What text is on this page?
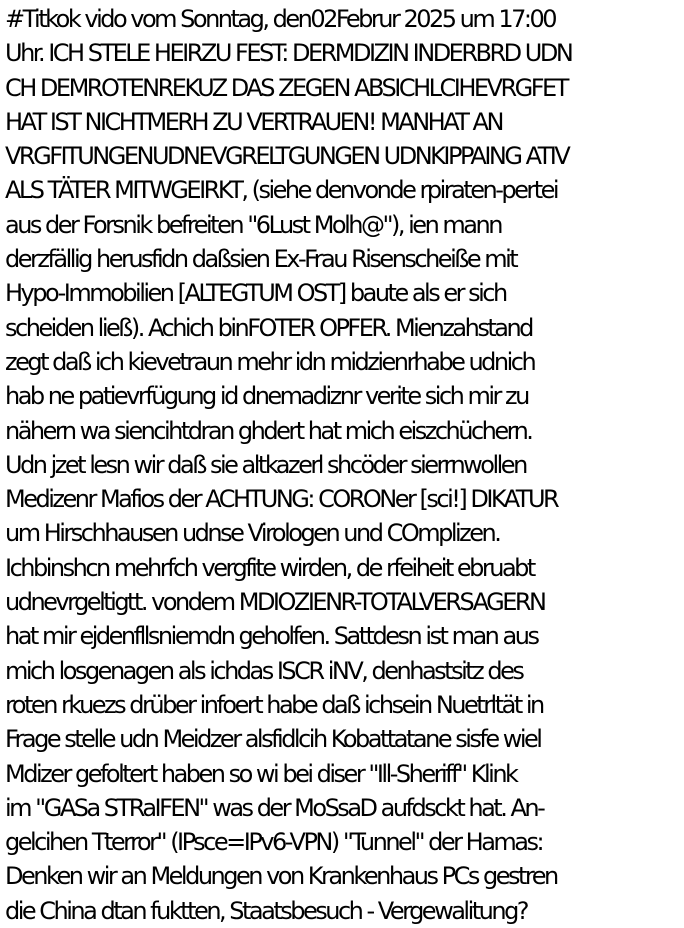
#Titkok vido vom Sonntag, den02Februr 2025 um 17:00
Uhr. ICH STELE HEIRZU FEST: DERMDIZIN INDERBRD UDN
CH DEMROTENREKUZ DAS ZEGEN ABSICHLCIHEVRGFET
HAT IST NICHTMERH ZU VERTRAUEN! MANHAT AN
VRGFITUNGENUDNEVGRELTGUNGEN UDNKIPPAING ATIV
ALS TÄTER MITWGEIRKT, (siehe denvonde rpiraten-pertei
aus der Forsnik befreiten "6Lust Molh@"), ien mann
derzfällig herusfidn daßsien Ex-Frau Risenscheiße mit
Hypo-Immobilien [ALTEGTUM OST] baute als er sich
scheiden ließ). Achich binFOTER OPFER. Mienzahstand
zegt daß ich kievetraun mehr idn midzienrhabe udnich
hab ne patievrfügung id dnemadiznr verite sich mir zu
nähern wa siencihtdran ghdert hat mich eiszchüchern.
Udn jzet lesn wir daß sie altkazerl shcöder sierrnwollen
Medizenr Mafios der ACHTUNG: CORONer [sci!] DIKATUR
um Hirschhausen udnse Virologen und COmplizen.
Ichbinshcn mehrfch vergfite wirden, de rfeiheit ebruabt
udnevrgeltigtt. vondem MDIOZIENR-TOTALVERSAGERN
hat mir ejdenfllsniemdn geholfen. Sattdesn ist man aus
mich losgenagen als ichdas ISCR iNV, denhastsitz des
roten rkuezs drüber infoert habe daß ichsein Nuetrltät in
Frage stelle udn Meidzer alsfidlcih Kobattatane sisfe wiel
Mdizer gefoltert haben so wi bei diser "Ill-Sheriff" Klink
im "GASa STRaIFEN" was der MoSsaD aufdsckt hat. An-
gelcihen Tterror" (IPsce=IPv6-VPN) "Tunnel" der Hamas:
Denken wir an Meldungen von Krankenhaus PCs gestren
die China dtan fuktten, Staatsbesuch - Vergewalitung?
